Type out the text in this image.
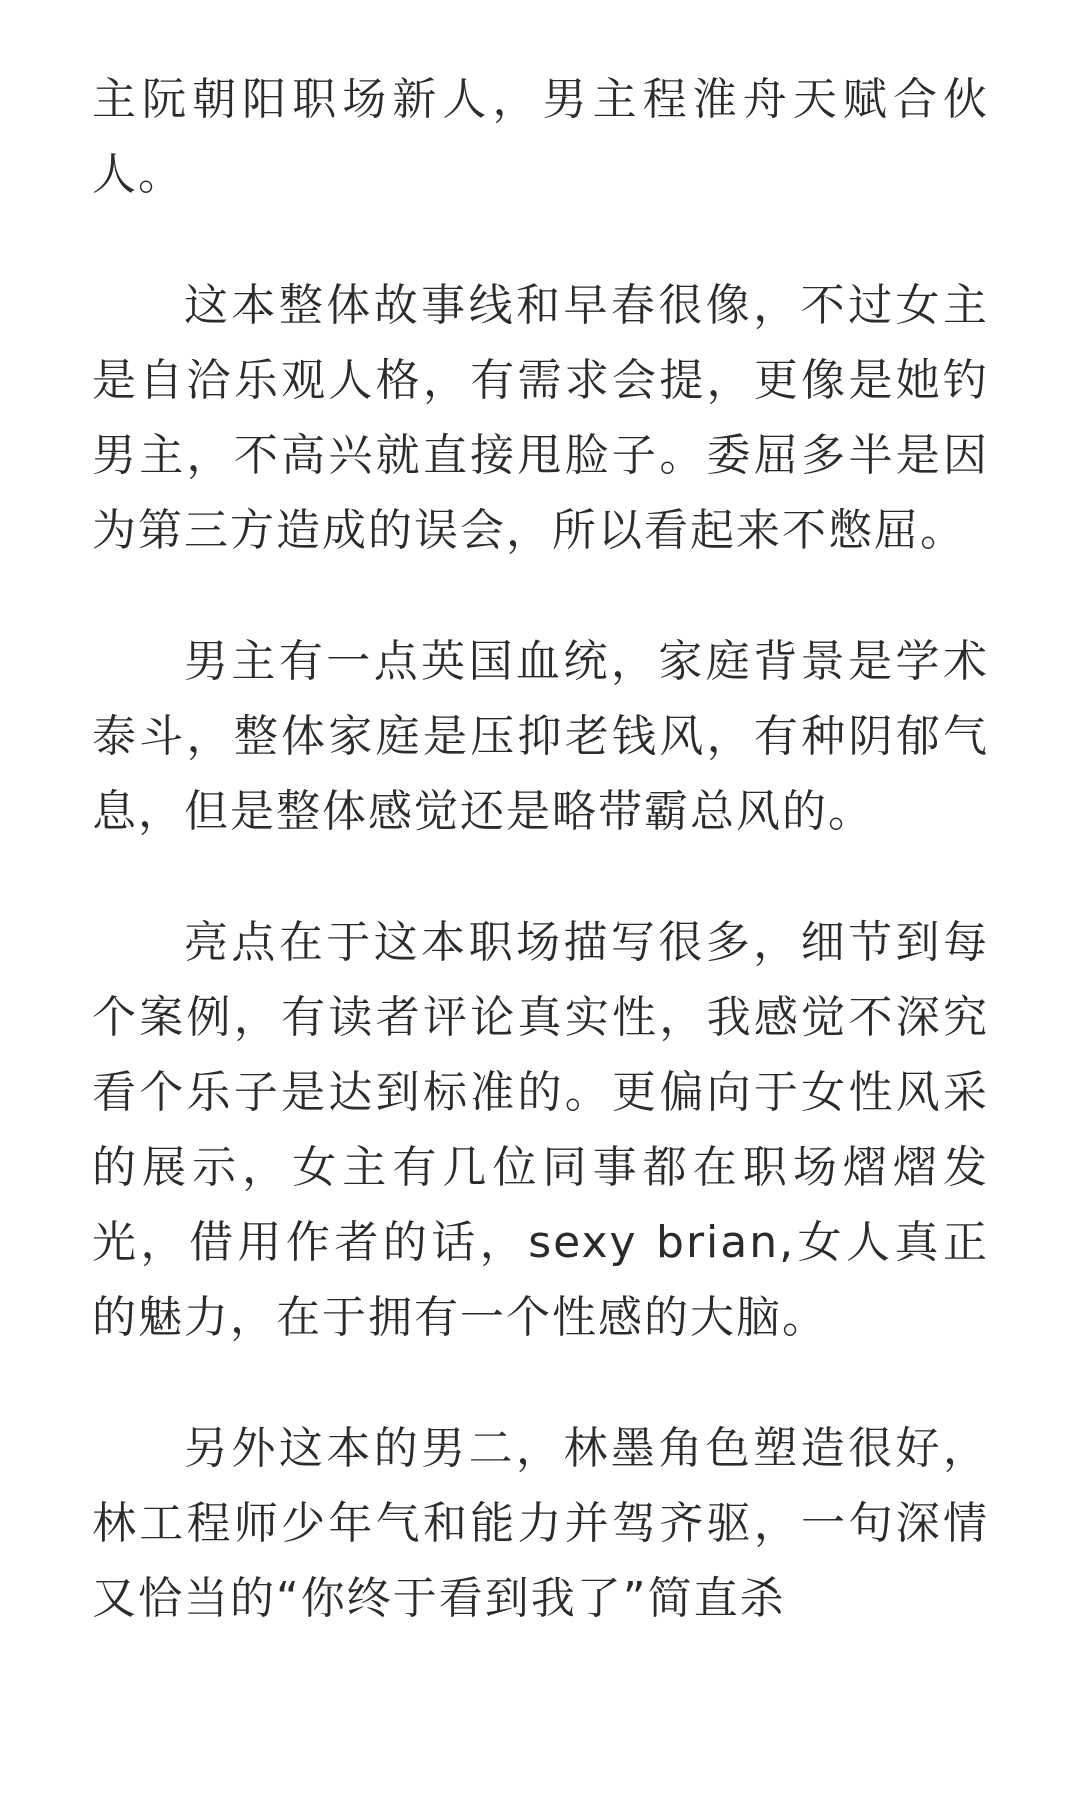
主阮朝阳职场新人，男主程淮舟天赋合伙人。

这本整体故事线和早春很像，不过女主是自洽乐观人格，有需求会提，更像是她钓男主，不高兴就直接甩脸子。委屈多半是因为第三方造成的误会，所以看起来不憋屈。

男主有一点英国血统，家庭背景是学术泰斗，整体家庭是压抑老钱风，有种阴郁气息，但是整体感觉还是略带霸总风的。

亮点在于这本职场描写很多，细节到每个案例，有读者评论真实性，我感觉不深究看个乐子是达到标准的。更偏向于女性风采的展示，女主有几位同事都在职场熠熠发光，借用作者的话，sexy brian,女人真正的魅力，在于拥有一个性感的大脑。

另外这本的男二，林墨角色塑造很好，林工程师少年气和能力并驾齐驱，一句深情又恰当的“你终于看到我了”简直杀
